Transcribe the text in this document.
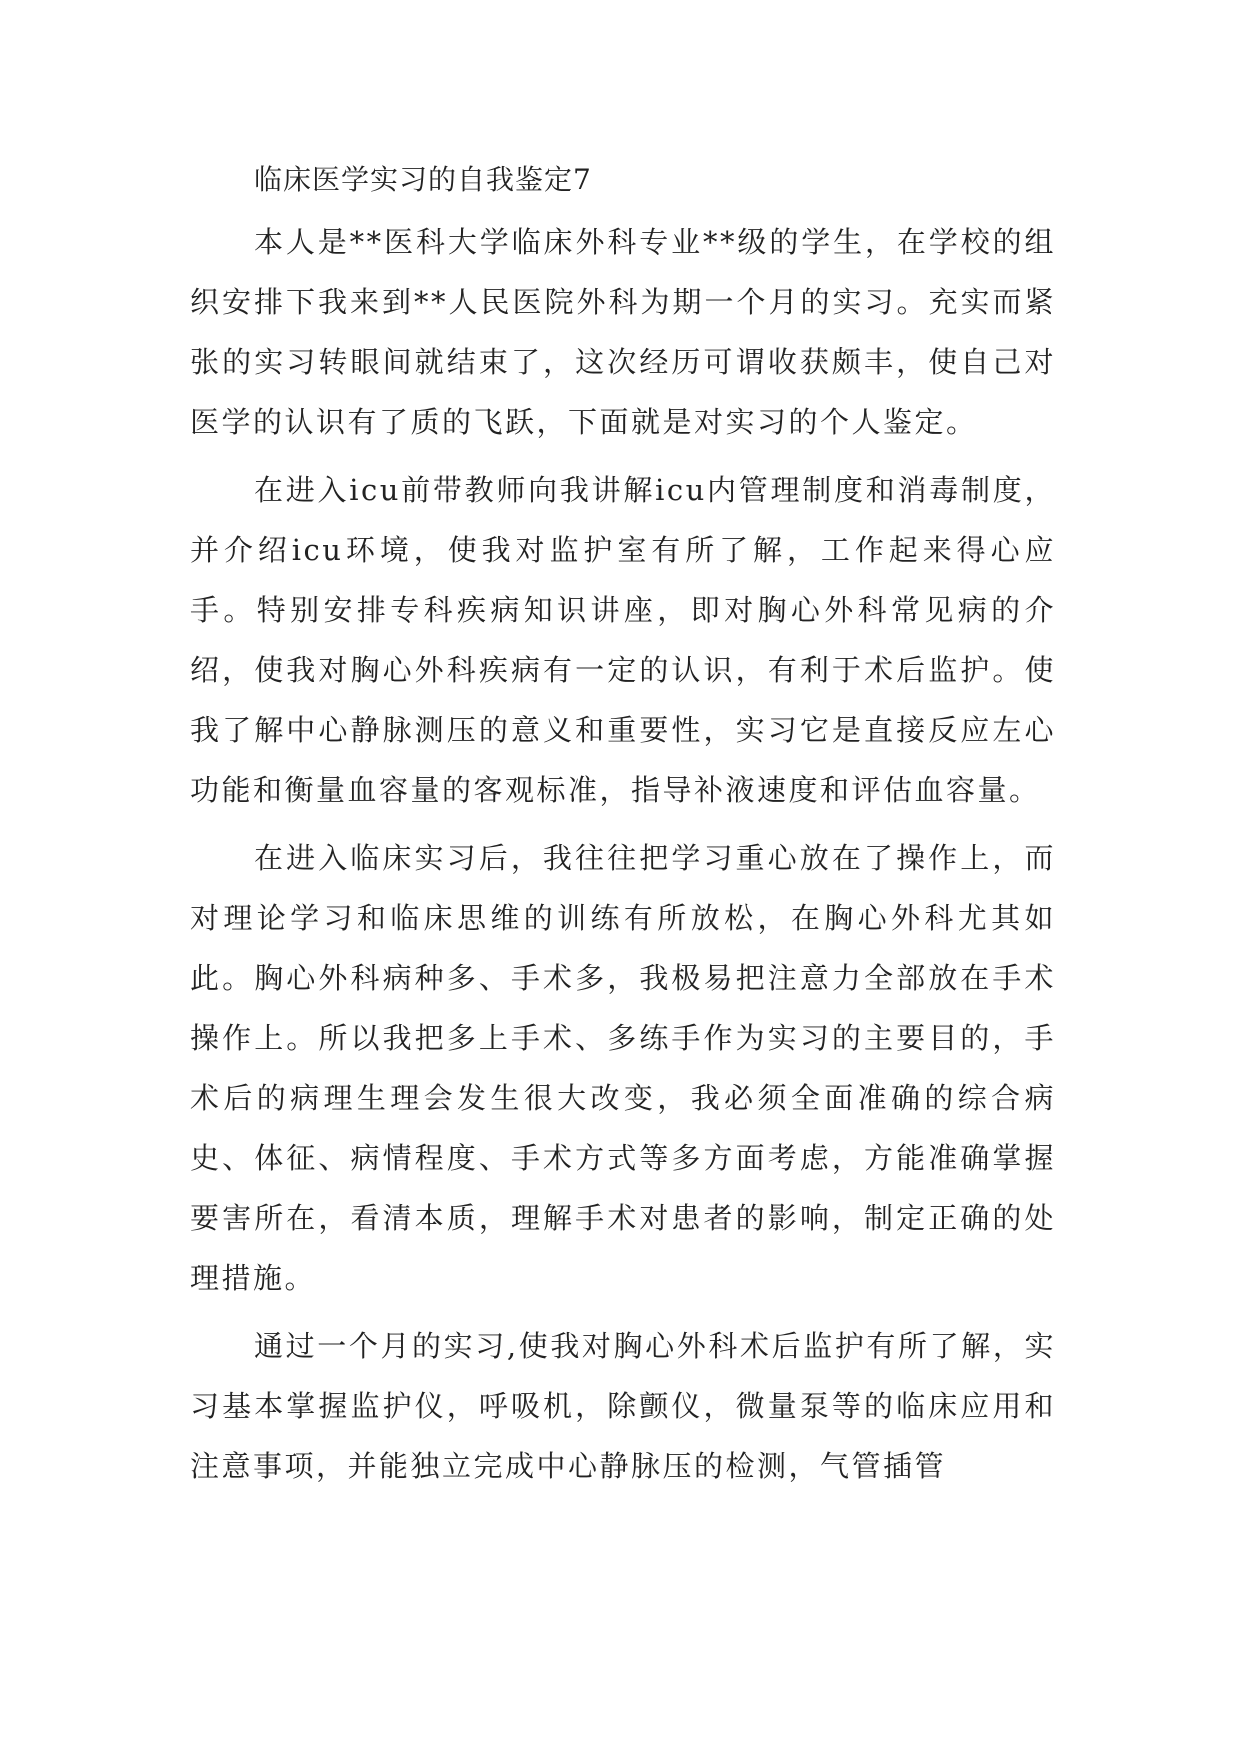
临床医学实习的自我鉴定7

本人是**医科大学临床外科专业**级的学生，在学校的组织安排下我来到**人民医院外科为期一个月的实习。充实而紧张的实习转眼间就结束了，这次经历可谓收获颇丰，使自己对医学的认识有了质的飞跃，下面就是对实习的个人鉴定。

在进入icu前带教师向我讲解icu内管理制度和消毒制度，并介绍icu环境，使我对监护室有所了解，工作起来得心应手。特别安排专科疾病知识讲座，即对胸心外科常见病的介绍，使我对胸心外科疾病有一定的认识，有利于术后监护。使我了解中心静脉测压的意义和重要性，实习它是直接反应左心功能和衡量血容量的客观标准，指导补液速度和评估血容量。

在进入临床实习后，我往往把学习重心放在了操作上，而对理论学习和临床思维的训练有所放松，在胸心外科尤其如此。胸心外科病种多、手术多，我极易把注意力全部放在手术操作上。所以我把多上手术、多练手作为实习的主要目的，手术后的病理生理会发生很大改变，我必须全面准确的综合病史、体征、病情程度、手术方式等多方面考虑，方能准确掌握要害所在，看清本质，理解手术对患者的影响，制定正确的处理措施。

通过一个月的实习,使我对胸心外科术后监护有所了解，实习基本掌握监护仪，呼吸机，除颤仪，微量泵等的临床应用和注意事项，并能独立完成中心静脉压的检测，气管插管
